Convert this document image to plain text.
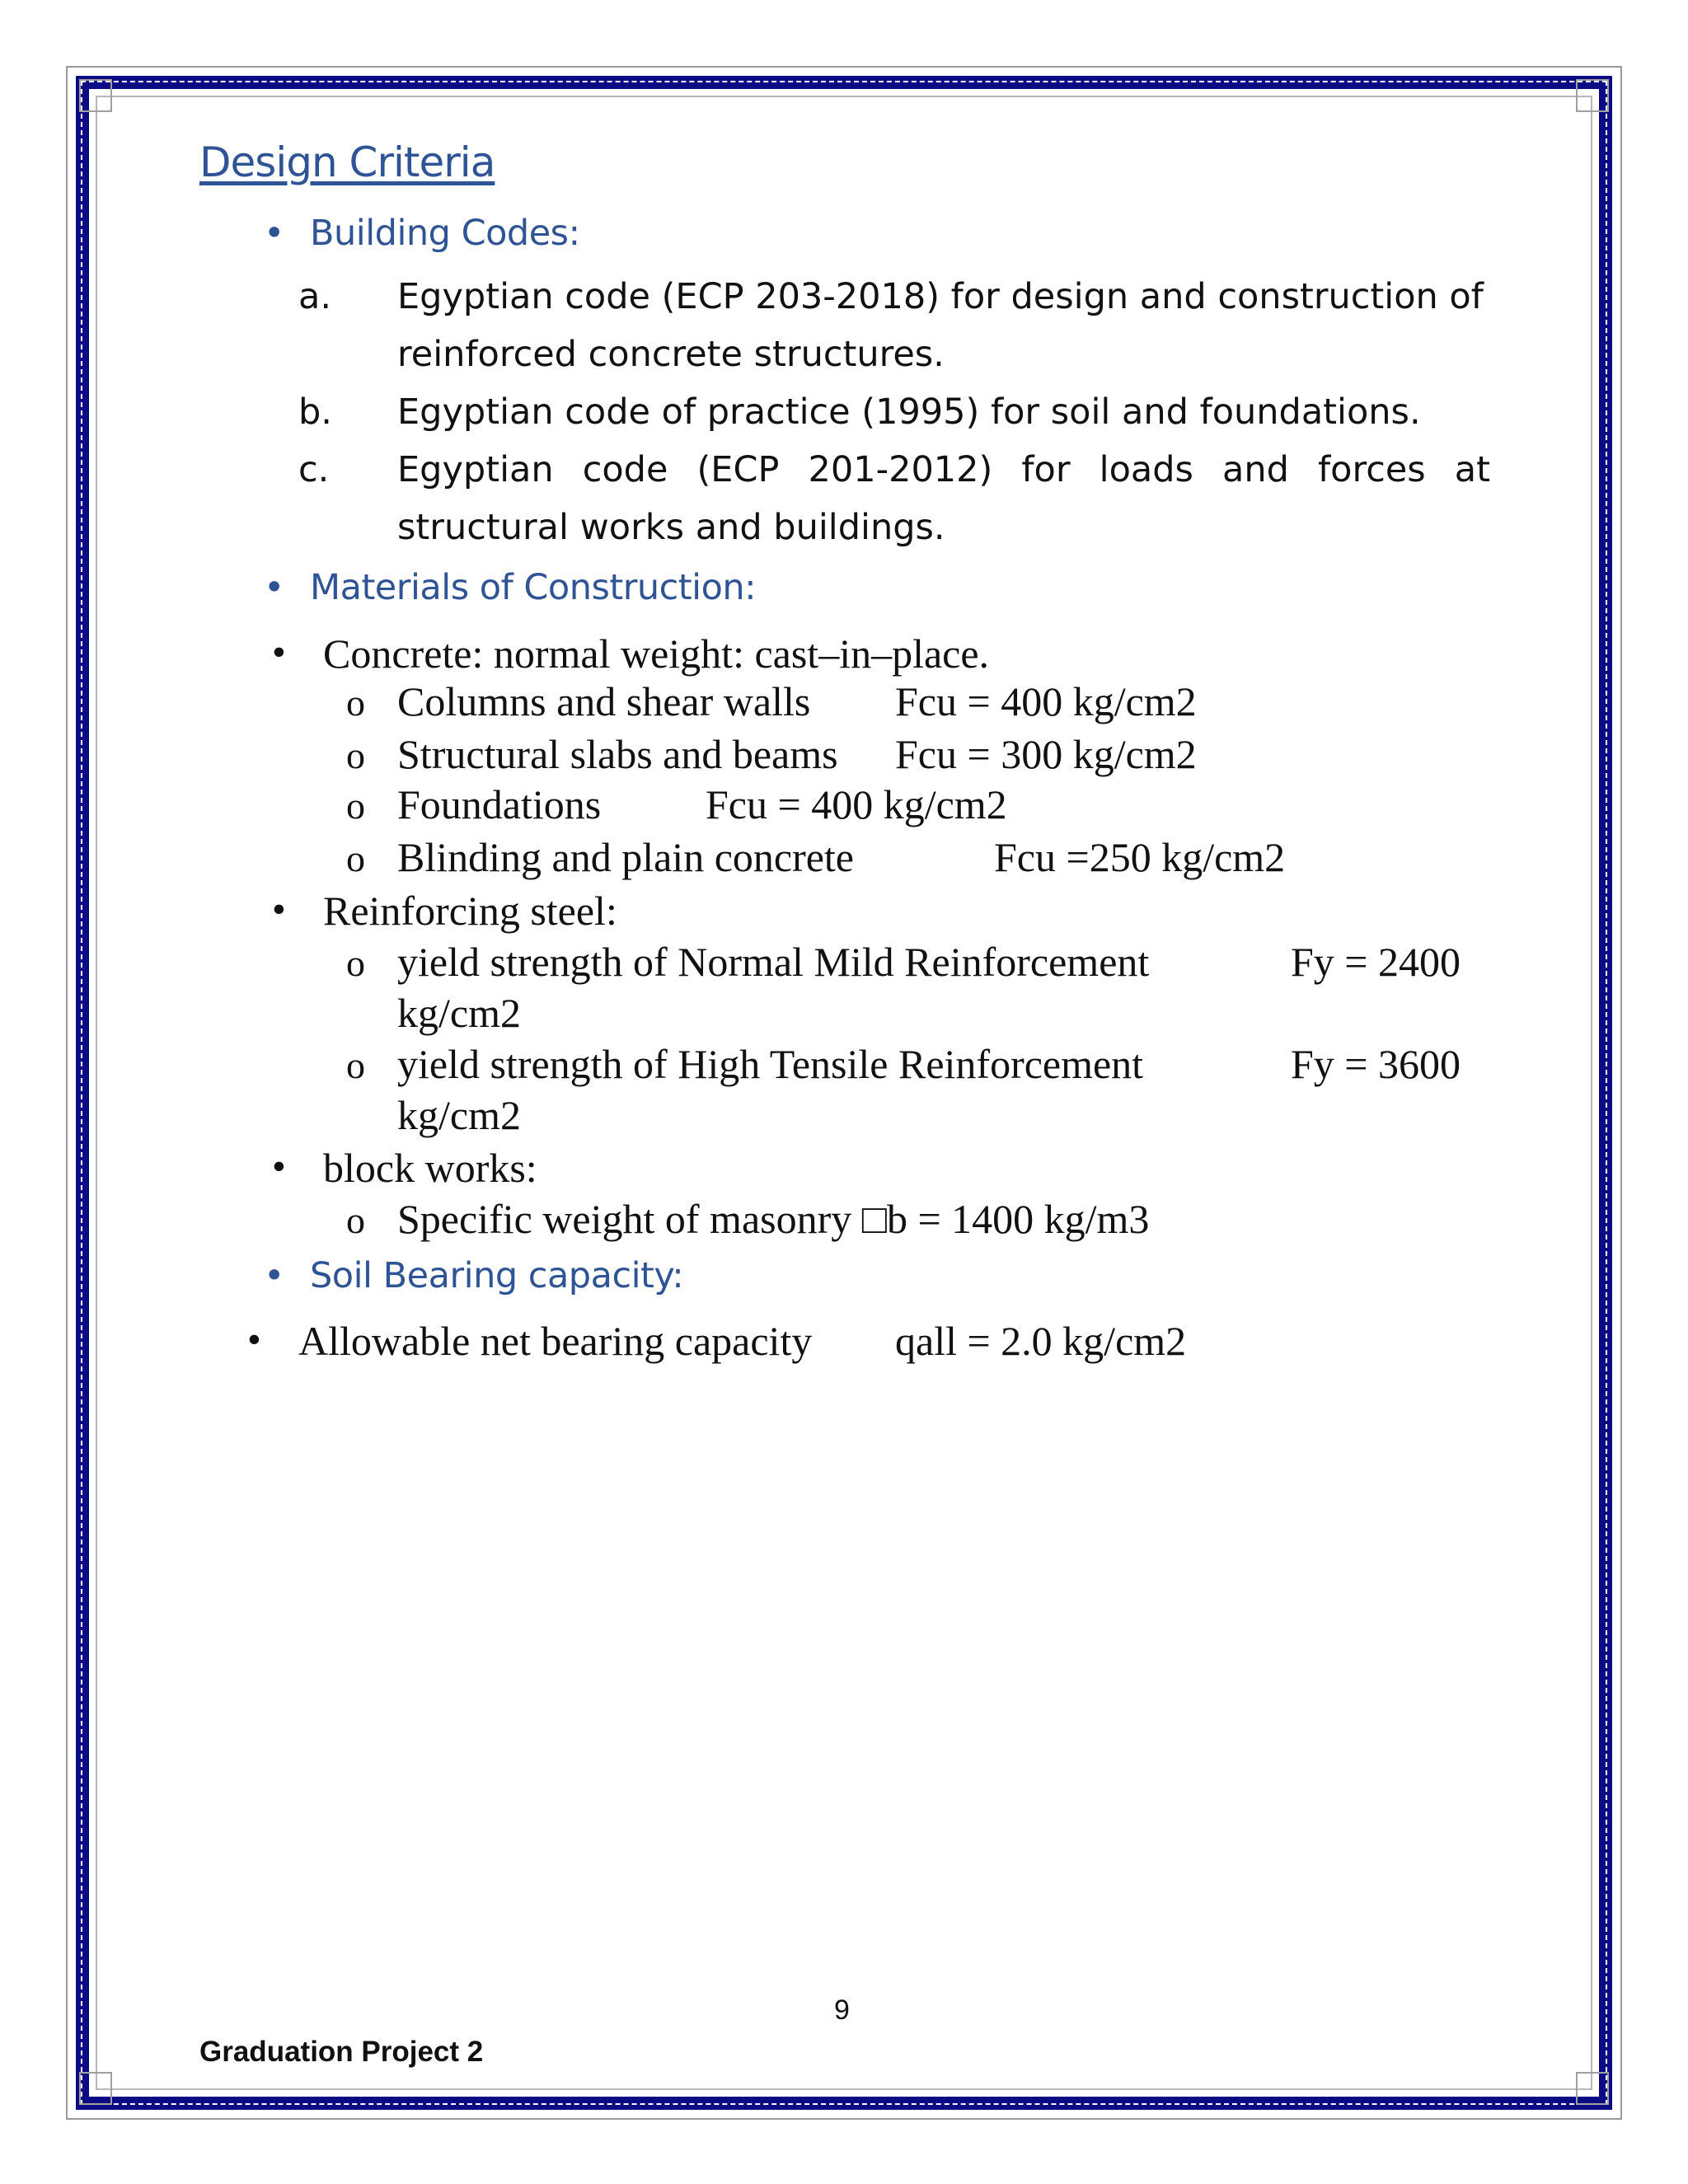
Design Criteria
• Building Codes:
a. Egyptian code (ECP 203-2018) for design and construction of
reinforced concrete structures.
b. Egyptian code of practice (1995) for soil and foundations.
c. Egyptian code (ECP 201-2012) for loads and forces at
structural works and buildings.
• Materials of Construction:
• Concrete: normal weight: cast–in–place.
o Columns and shear walls Fcu = 400 kg/cm2
o Structural slabs and beams Fcu = 300 kg/cm2
o Foundations	Fcu = 400 kg/cm2
o Blinding and plain concrete	Fcu =250 kg/cm2
• Reinforcing steel:
o yield strength of Normal Mild Reinforcement	Fy = 2400
kg/cm2
o yield strength of High Tensile Reinforcement	Fy = 3600
kg/cm2
• block works:
o Specific weight of masonry □b = 1400 kg/m3
• Soil Bearing capacity:
• Allowable net bearing capacity qall = 2.0 kg/cm2
9
Graduation Project 2
